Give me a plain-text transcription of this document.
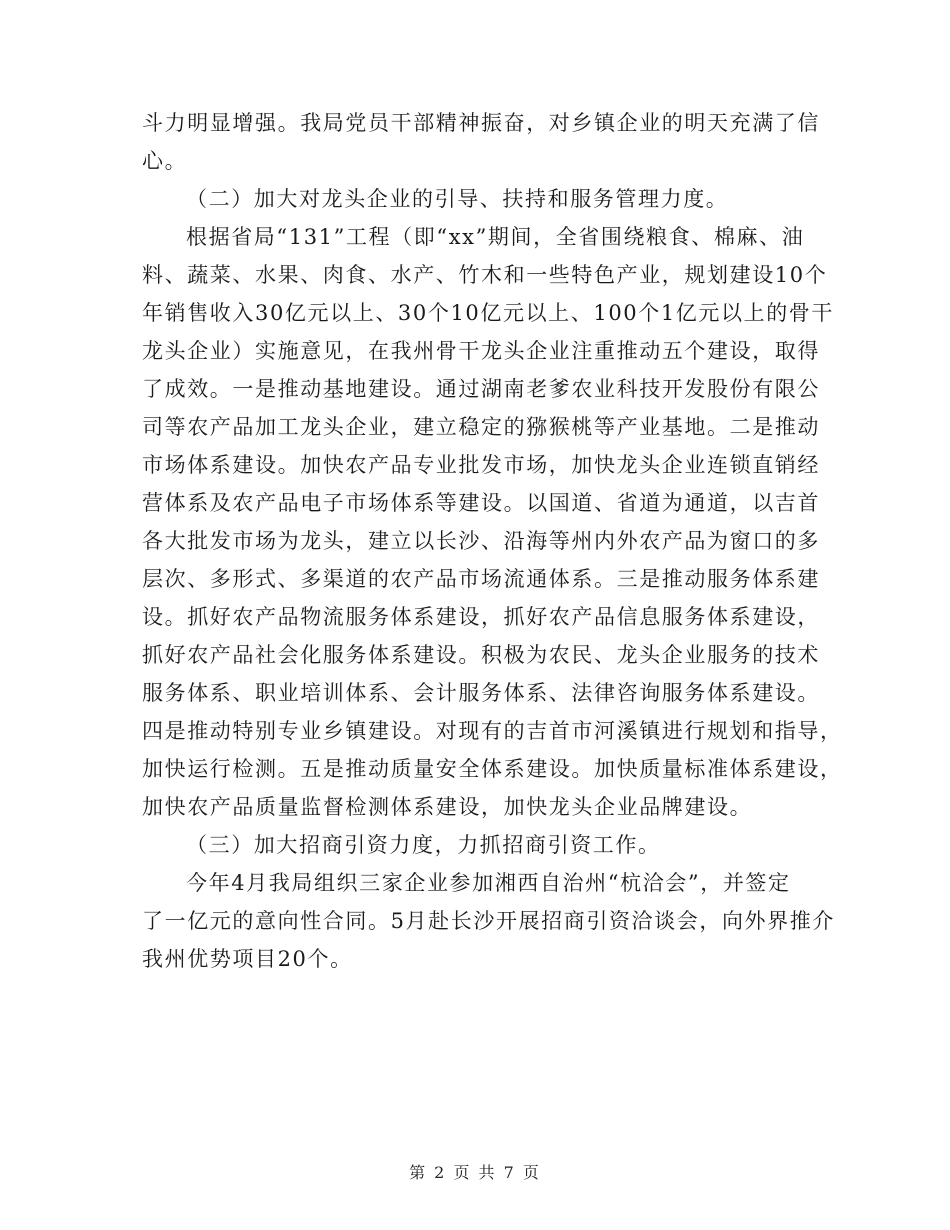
斗力明显增强。我局党员干部精神振奋，对乡镇企业的明天充满了信
心。
（二）加大对龙头企业的引导、扶持和服务管理力度。
根据省局“131”工程（即“xx”期间，全省围绕粮食、棉麻、油
料、蔬菜、水果、肉食、水产、竹木和一些特色产业，规划建设10个
年销售收入30亿元以上、30个10亿元以上、100个1亿元以上的骨干
龙头企业）实施意见，在我州骨干龙头企业注重推动五个建设，取得
了成效。一是推动基地建设。通过湖南老爹农业科技开发股份有限公
司等农产品加工龙头企业，建立稳定的猕猴桃等产业基地。二是推动
市场体系建设。加快农产品专业批发市场，加快龙头企业连锁直销经
营体系及农产品电子市场体系等建设。以国道、省道为通道，以吉首
各大批发市场为龙头，建立以长沙、沿海等州内外农产品为窗口的多
层次、多形式、多渠道的农产品市场流通体系。三是推动服务体系建
设。抓好农产品物流服务体系建设，抓好农产品信息服务体系建设，
抓好农产品社会化服务体系建设。积极为农民、龙头企业服务的技术
服务体系、职业培训体系、会计服务体系、法律咨询服务体系建设。
四是推动特别专业乡镇建设。对现有的吉首市河溪镇进行规划和指导，
加快运行检测。五是推动质量安全体系建设。加快质量标准体系建设，
加快农产品质量监督检测体系建设，加快龙头企业品牌建设。
（三）加大招商引资力度，力抓招商引资工作。
今年4月我局组织三家企业参加湘西自治州“杭洽会”，并签定
了一亿元的意向性合同。5月赴长沙开展招商引资洽谈会，向外界推介
我州优势项目20个。
第 2 页 共 7 页
